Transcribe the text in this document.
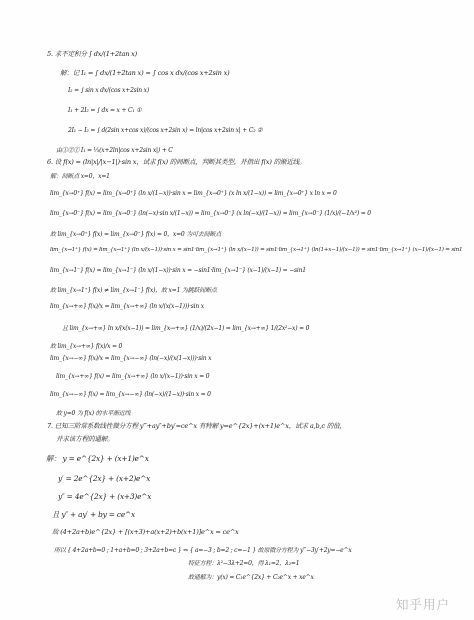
5. 求不定积分 ∫ dx/(1+2tan x)
解：记 I₁ = ∫ dx/(1+2tan x) = ∫ cos x dx/(cos x+2sin x)
I₂ = ∫ sin x dx/(cos x+2sin x)
I₁ + 2I₂ = ∫ dx = x + C₁ ①
2I₁ − I₂ = ∫ d(2sin x+cos x)/(cos x+2sin x) = ln|cos x+2sin x| + C₂ ②
由①②① I₁ = ⅕(x+2ln|cos x+2sin x|) + C
6. 设 f(x) = (ln|x|/|x−1|)·sin x，试求 f(x) 的间断点，判断其类型，并指出 f(x) 的渐近线。
解：间断点 x=0，x=1
lim_{x→0⁺} f(x) = lim_{x→0⁺} (ln x/(1−x))·sin x = lim_{x→0⁺} (x ln x/(1−x)) = lim_{x→0⁺} x ln x = 0
lim_{x→0⁻} f(x) = lim_{x→0⁻} (ln(−x)·sin x/(1−x)) = lim_{x→0⁻} (x ln(−x)/(1−x)) = lim_{x→0⁻} (1/x)/(−1/x²) = 0
故 lim_{x→0⁺} f(x) = lim_{x→0⁻} f(x) = 0，x=0 为可去间断点
lim_{x→1⁺} f(x) = lim_{x→1⁺} (ln x/(x−1))·sin x = sin1·lim_{x→1⁺} (ln x/(x−1)) = sin1·lim_{x→1⁺} (ln(1+x−1)/(x−1)) = sin1·lim_{x→1⁺} (x−1)/(x−1) = sin1
lim_{x→1⁻} f(x) = lim_{x→1⁻} (ln x/(1−x))·sin x = −sin1·lim_{x→1⁻} (x−1)/(x−1) = −sin1
故 lim_{x→1⁺} f(x) ≠ lim_{x→1⁻} f(x)，故 x=1 为跳跃间断点
lim_{x→+∞} f(x)/x = lim_{x→+∞} (ln x/(x(x−1)))·sin x
且 lim_{x→+∞} ln x/(x(x−1)) = lim_{x→+∞} (1/x)/(2x−1) = lim_{x→+∞} 1/(2x²−x) = 0
故 lim_{x→+∞} f(x)/x = 0
lim_{x→−∞} f(x)/x = lim_{x→−∞} (ln(−x)/(x(1−x)))·sin x
lim_{x→+∞} f(x) = lim_{x→+∞} (ln x/(x−1))·sin x = 0
lim_{x→−∞} f(x) = lim_{x→−∞} (ln(−x)/(1−x))·sin x = 0
故 y=0 为 f(x) 的水平渐近线
7. 已知三阶常系数线性微分方程 y‴+ay″+by′=ce^x 有特解 y=e^{2x}+(x+1)e^x，试求 a,b,c 的值，
并求该方程的通解。
解： y = e^{2x} + (x+1)e^x
y′ = 2e^{2x} + (x+2)e^x
y″ = 4e^{2x} + (x+3)e^x
且 y″ + ay′ + by = ce^x
故 (4+2a+b)e^{2x} + [(x+3)+a(x+2)+b(x+1)]e^x = ce^x
所以 { 4+2a+b=0 ; 1+a+b=0 ; 3+2a+b=c } ⇒ { a=−3 ; b=2 ; c=−1 } 故原微分方程为 y‴−3y′+2y=−e^x
特征方程：λ²−3λ+2=0，得 λ₁=2，λ₂=1
故通解为：y(x) = C₁e^{2x} + C₂e^x + xe^x
知乎用户
